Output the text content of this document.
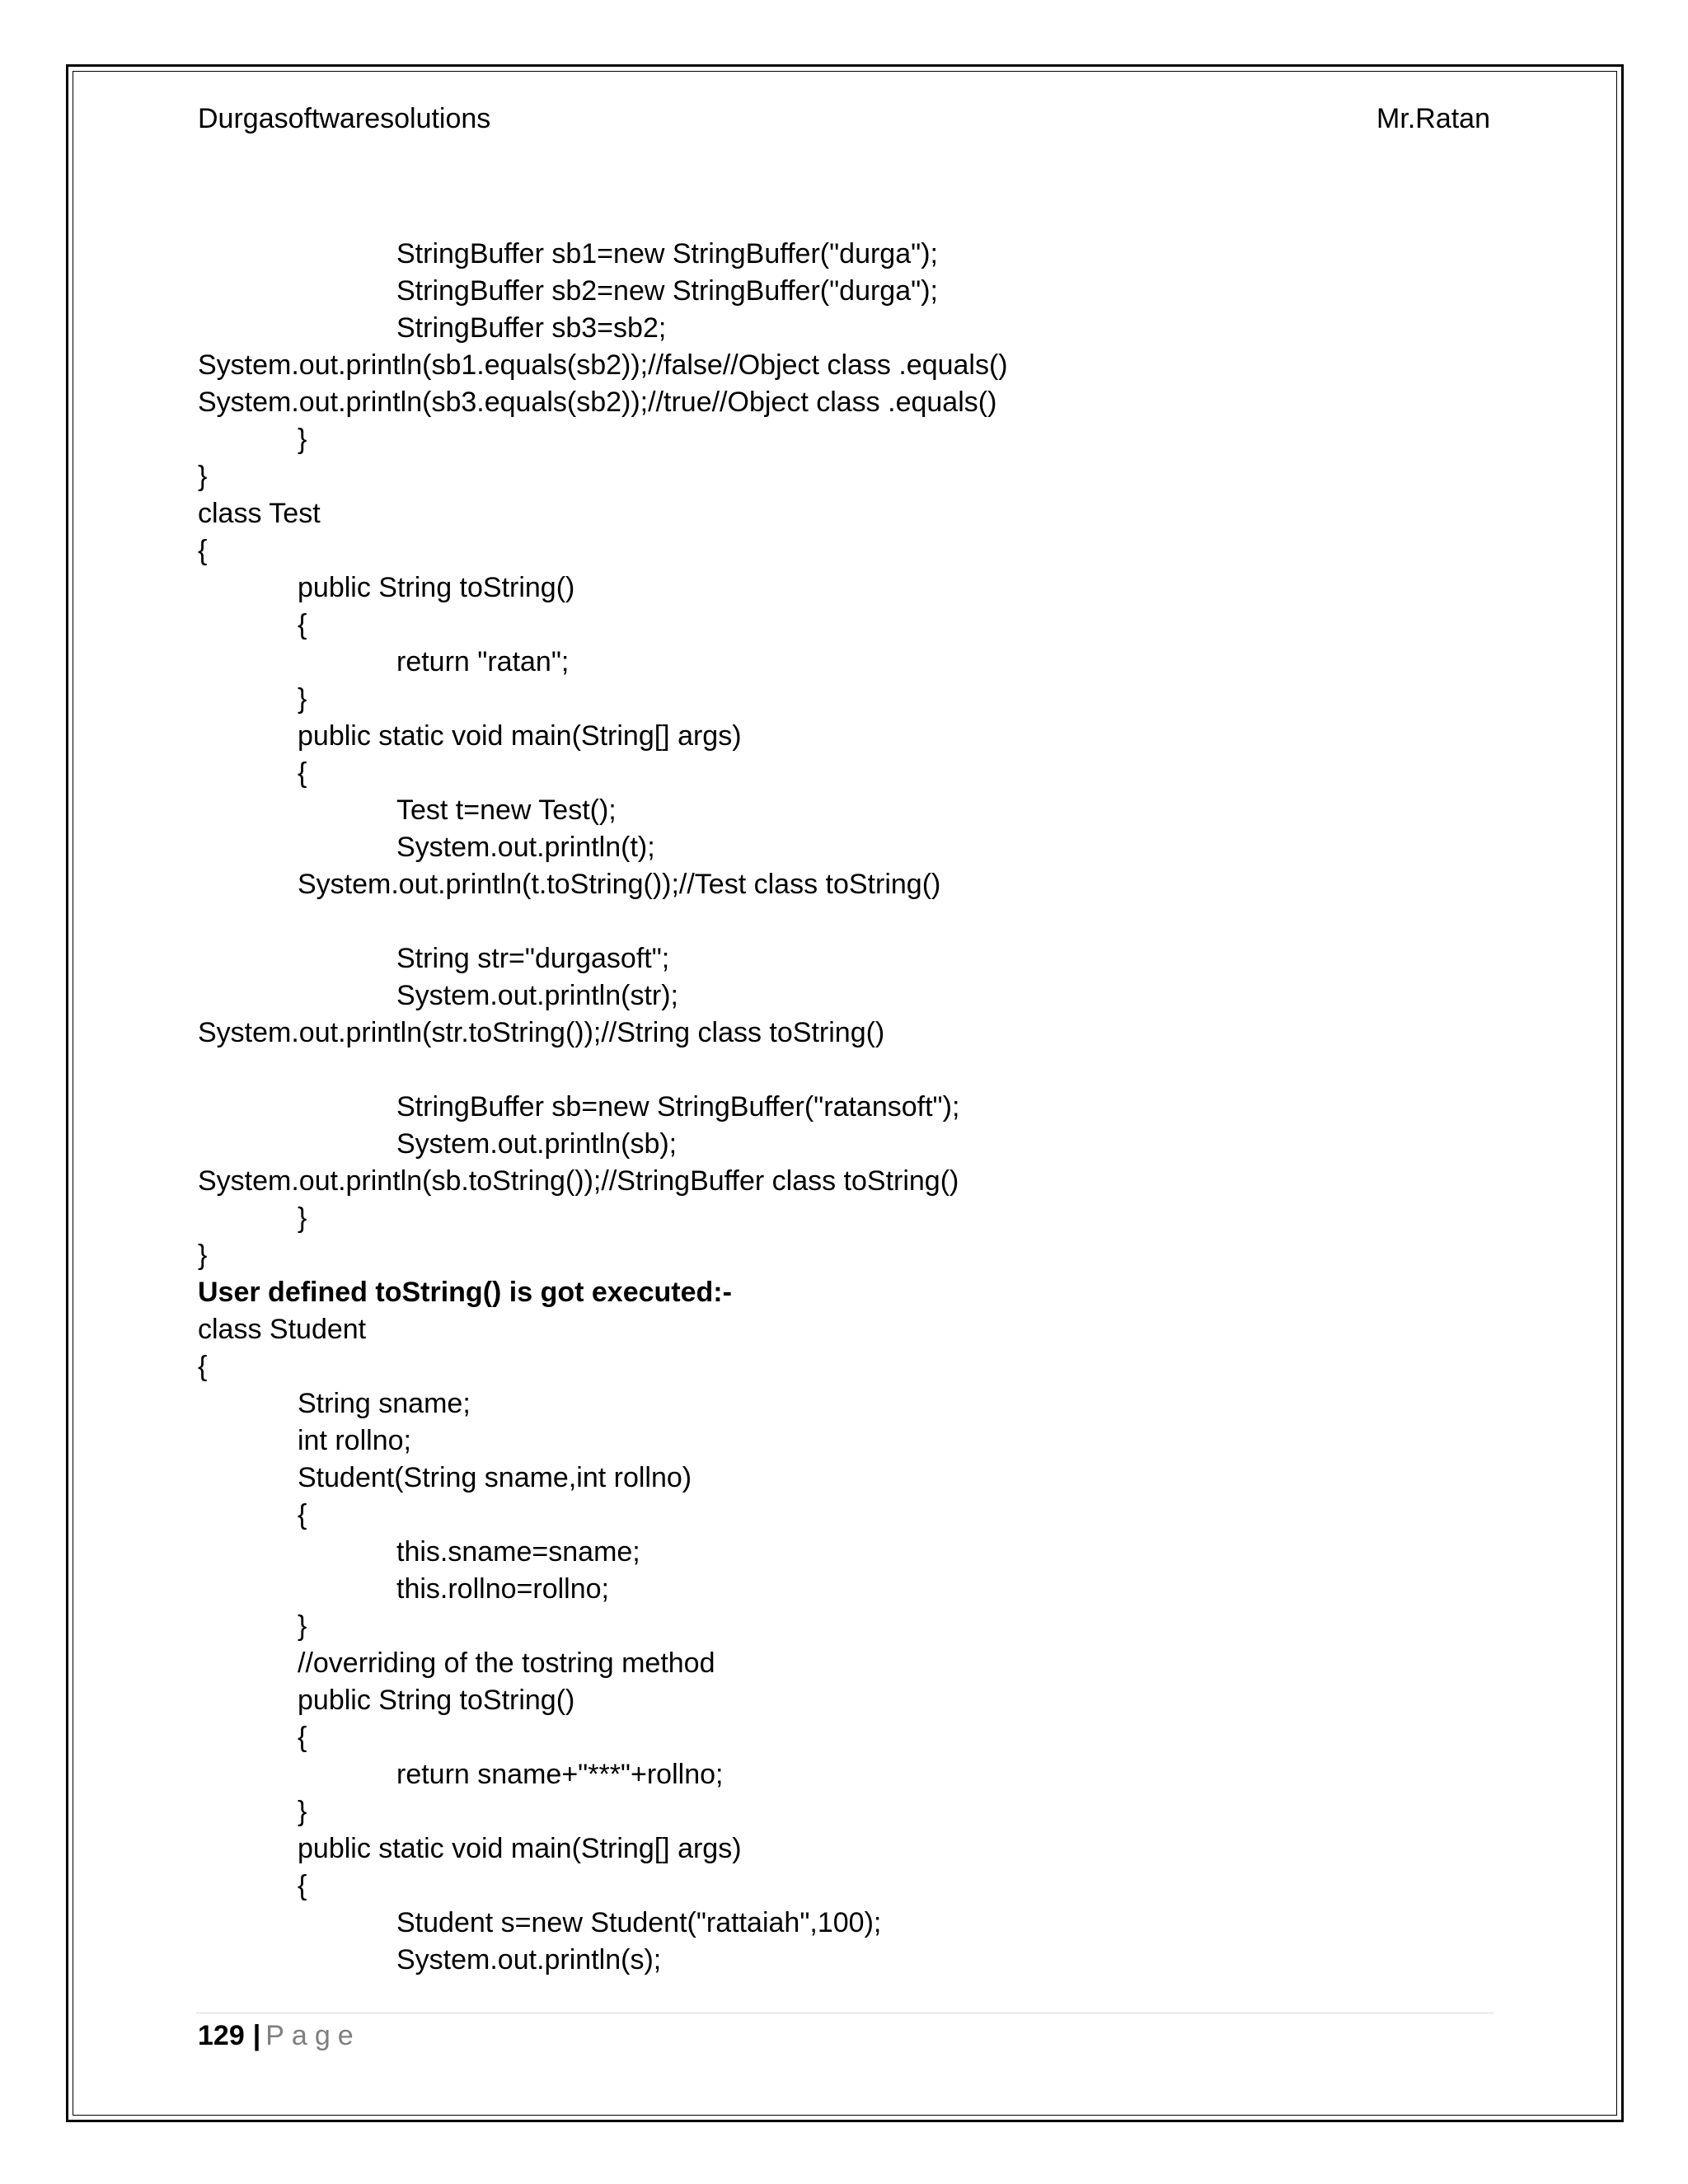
Durgasoftwaresolutions	Mr.Ratan
StringBuffer sb1=new StringBuffer("durga");
StringBuffer sb2=new StringBuffer("durga");
StringBuffer sb3=sb2;
System.out.println(sb1.equals(sb2));//false//Object class .equals()
System.out.println(sb3.equals(sb2));//true//Object class .equals()
}
}
class Test
{
public String toString()
{
return "ratan";
}
public static void main(String[] args)
{
Test t=new Test();
System.out.println(t);
System.out.println(t.toString());//Test class toString()
String str="durgasoft";
System.out.println(str);
System.out.println(str.toString());//String class toString()
StringBuffer sb=new StringBuffer("ratansoft");
System.out.println(sb);
System.out.println(sb.toString());//StringBuffer class toString()
}
}
User defined toString() is got executed:-
class Student
{
String sname;
int rollno;
Student(String sname,int rollno)
{
this.sname=sname;
this.rollno=rollno;
}
//overriding of the tostring method
public String toString()
{
return sname+"***"+rollno;
}
public static void main(String[] args)
{
Student s=new Student("rattaiah",100);
System.out.println(s);
129 | Page
